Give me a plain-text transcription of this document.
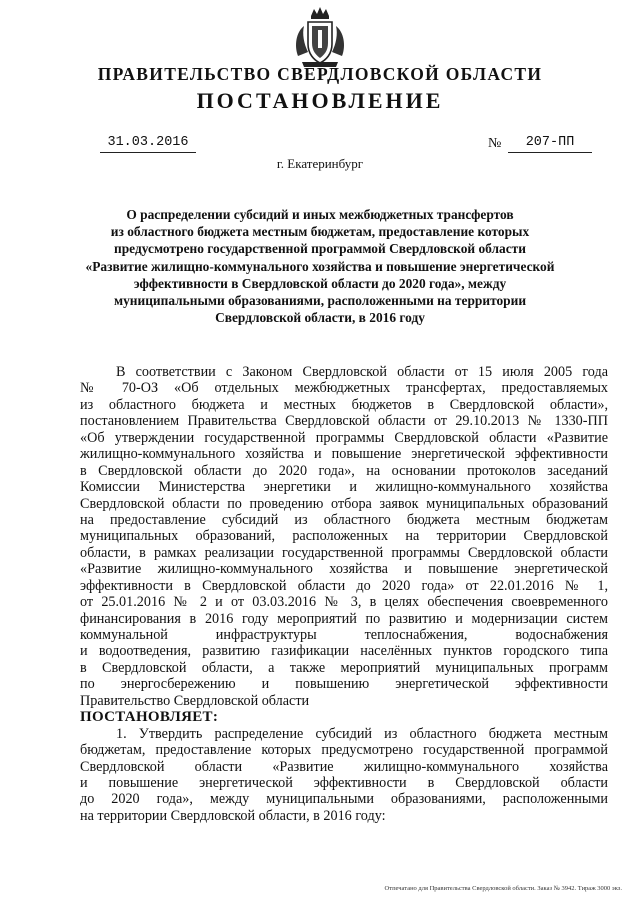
ПРАВИТЕЛЬСТВО СВЕРДЛОВСКОЙ ОБЛАСТИ
ПОСТАНОВЛЕНИЕ
31.03.2016	№	207-ПП
г. Екатеринбург
О распределении субсидий и иных межбюджетных трансфертов
из областного бюджета местным бюджетам, предоставление которых
предусмотрено государственной программой Свердловской области
«Развитие жилищно-коммунального хозяйства и повышение энергетической
эффективности в Свердловской области до 2020 года», между
муниципальными образованиями, расположенными на территории
Свердловской области, в 2016 году
В соответствии с Законом Свердловской области от 15 июля 2005 года
№ 70-ОЗ «Об отдельных межбюджетных трансфертах, предоставляемых
из областного бюджета и местных бюджетов в Свердловской области»,
постановлением Правительства Свердловской области от 29.10.2013 № 1330-ПП
«Об утверждении государственной программы Свердловской области «Развитие
жилищно-коммунального хозяйства и повышение энергетической эффективности
в Свердловской области до 2020 года», на основании протоколов заседаний
Комиссии Министерства энергетики и жилищно-коммунального хозяйства
Свердловской области по проведению отбора заявок муниципальных образований
на предоставление субсидий из областного бюджета местным бюджетам
муниципальных образований, расположенных на территории Свердловской
области, в рамках реализации государственной программы Свердловской области
«Развитие жилищно-коммунального хозяйства и повышение энергетической
эффективности в Свердловской области до 2020 года» от 22.01.2016 № 1,
от 25.01.2016 № 2 и от 03.03.2016 № 3, в целях обеспечения своевременного
финансирования в 2016 году мероприятий по развитию и модернизации систем
коммунальной инфраструктуры теплоснабжения, водоснабжения
и водоотведения, развитию газификации населённых пунктов городского типа
в Свердловской области, а также мероприятий муниципальных программ
по энергосбережению и повышению энергетической эффективности
Правительство Свердловской области
ПОСТАНОВЛЯЕТ:
1. Утвердить распределение субсидий из областного бюджета местным
бюджетам, предоставление которых предусмотрено государственной программой
Свердловской области «Развитие жилищно-коммунального хозяйства
и повышение энергетической эффективности в Свердловской области
до 2020 года», между муниципальными образованиями, расположенными
на территории Свердловской области, в 2016 году:
Отпечатано для Правительства Свердловской области. Заказ № 3942. Тираж 3000 экз.
